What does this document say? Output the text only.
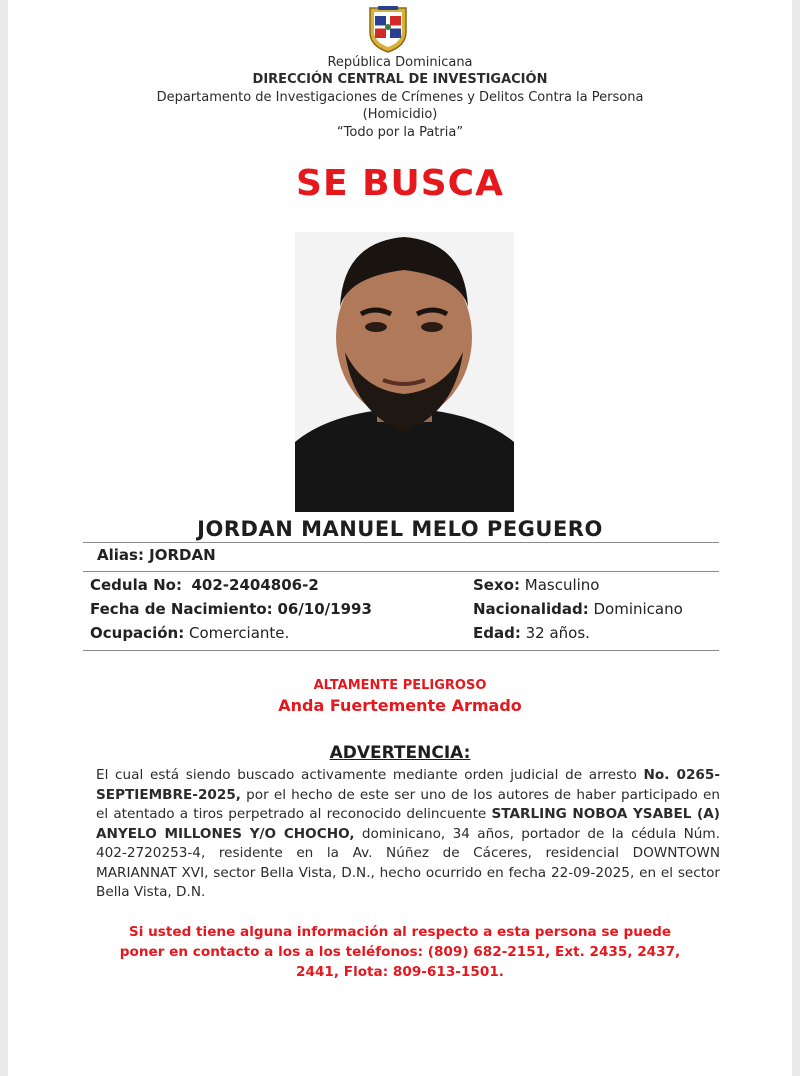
República Dominicana
DIRECCIÓN CENTRAL DE INVESTIGACIÓN
Departamento de Investigaciones de Crímenes y Delitos Contra la Persona
(Homicidio)
“Todo por la Patria”
SE BUSCA
JORDAN MANUEL MELO PEGUERO
Alias: JORDAN
Cedula No: 402-2404806-2
Fecha de Nacimiento: 06/10/1993
Ocupación: Comerciante.
Sexo: Masculino
Nacionalidad: Dominicano
Edad: 32 años.
ALTAMENTE PELIGROSO
Anda Fuertemente Armado
ADVERTENCIA:
El cual está siendo buscado activamente mediante orden judicial de arresto No. 0265-SEPTIEMBRE-2025, por el hecho de este ser uno de los autores de haber participado en el atentado a tiros perpetrado al reconocido delincuente STARLING NOBOA YSABEL (A) ANYELO MILLONES Y/O CHOCHO, dominicano, 34 años, portador de la cédula Núm. 402-2720253-4, residente en la Av. Núñez de Cáceres, residencial DOWNTOWN MARIANNAT XVI, sector Bella Vista, D.N., hecho ocurrido en fecha 22-09-2025, en el sector Bella Vista, D.N.
Si usted tiene alguna información al respecto a esta persona se puede
poner en contacto a los a los teléfonos: (809) 682-2151, Ext. 2435, 2437,
2441, Flota: 809-613-1501.
